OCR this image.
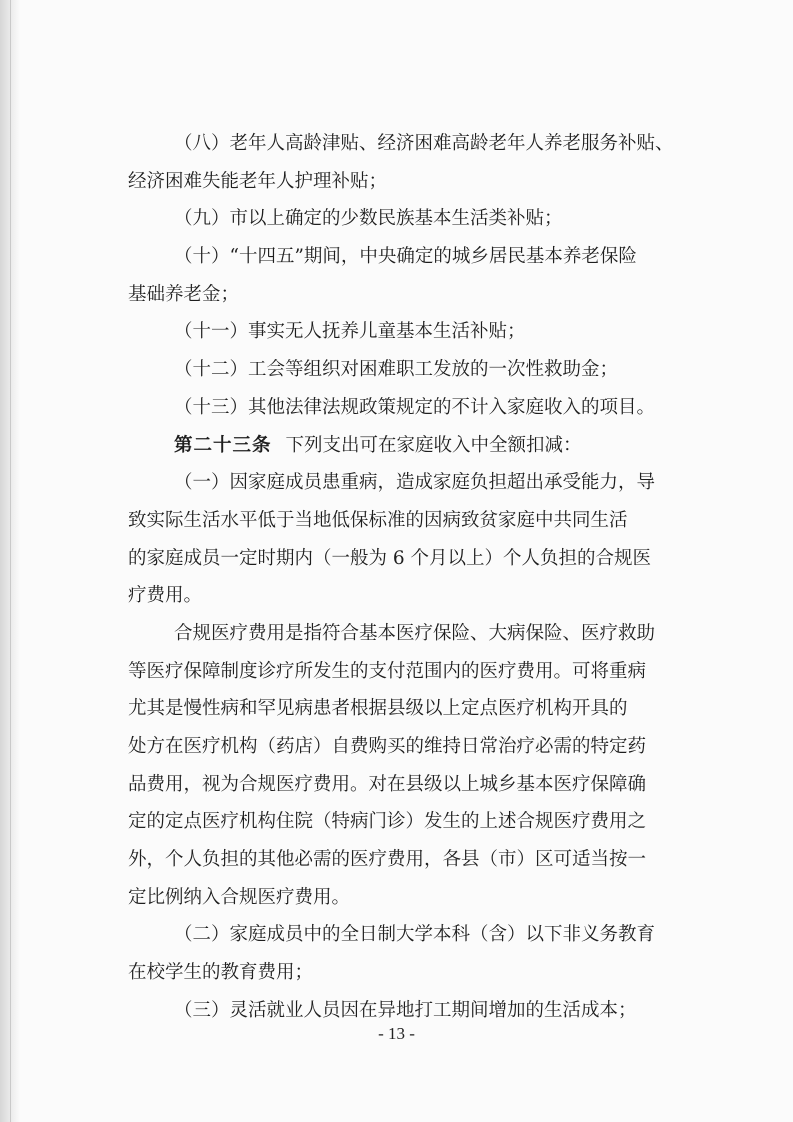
（八）老年人高龄津贴、经济困难高龄老年人养老服务补贴、
经济困难失能老年人护理补贴；
（九）市以上确定的少数民族基本生活类补贴；
（十）“十四五”期间，中央确定的城乡居民基本养老保险
基础养老金；
（十一）事实无人抚养儿童基本生活补贴；
（十二）工会等组织对困难职工发放的一次性救助金；
（十三）其他法律法规政策规定的不计入家庭收入的项目。
第二十三条 下列支出可在家庭收入中全额扣减：
（一）因家庭成员患重病，造成家庭负担超出承受能力，导
致实际生活水平低于当地低保标准的因病致贫家庭中共同生活
的家庭成员一定时期内（一般为 6 个月以上）个人负担的合规医
疗费用。
合规医疗费用是指符合基本医疗保险、大病保险、医疗救助
等医疗保障制度诊疗所发生的支付范围内的医疗费用。可将重病
尤其是慢性病和罕见病患者根据县级以上定点医疗机构开具的
处方在医疗机构（药店）自费购买的维持日常治疗必需的特定药
品费用，视为合规医疗费用。对在县级以上城乡基本医疗保障确
定的定点医疗机构住院（特病门诊）发生的上述合规医疗费用之
外，个人负担的其他必需的医疗费用，各县（市）区可适当按一
定比例纳入合规医疗费用。
（二）家庭成员中的全日制大学本科（含）以下非义务教育
在校学生的教育费用；
（三）灵活就业人员因在异地打工期间增加的生活成本；
- 13 -
